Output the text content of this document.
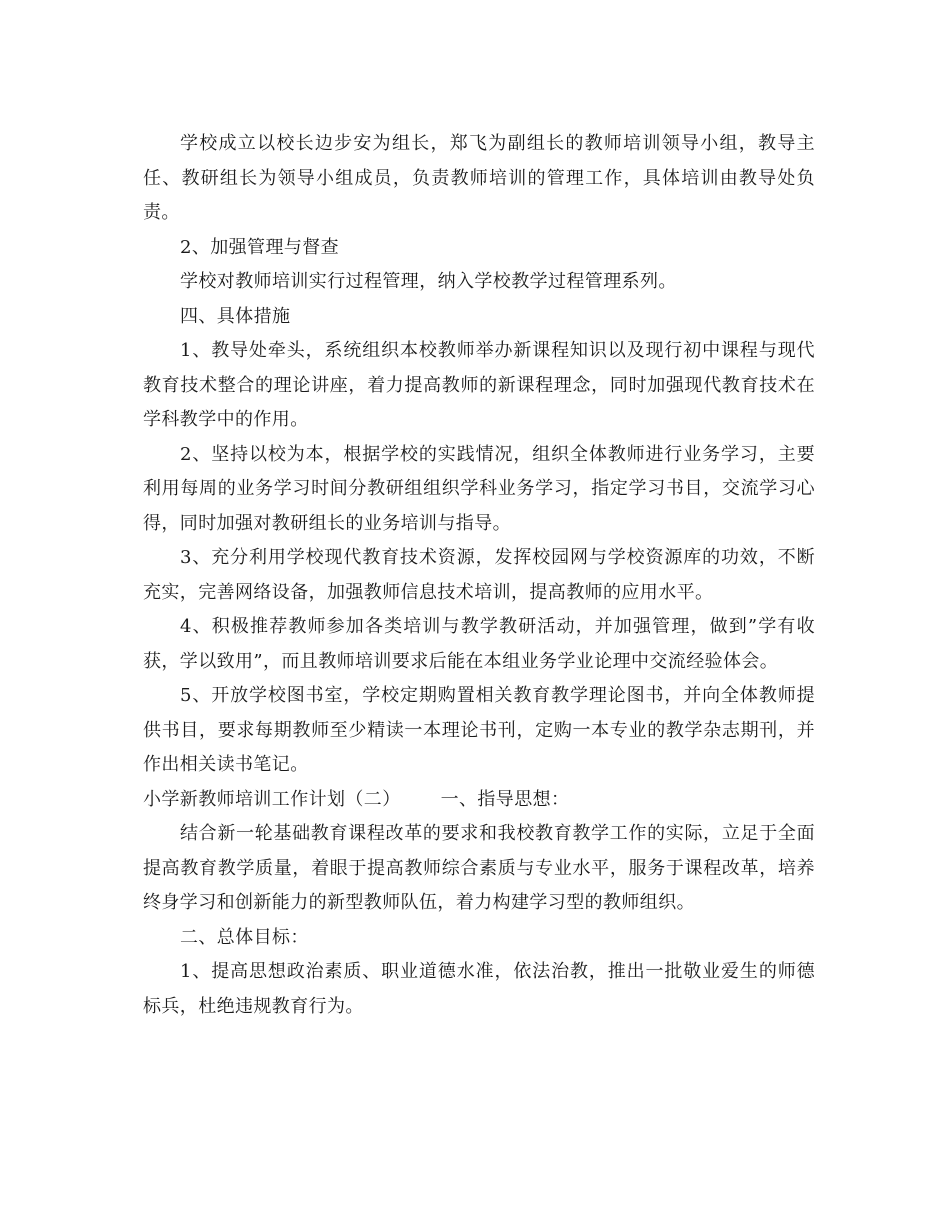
学校成立以校长边步安为组长，郑飞为副组长的教师培训领导小组，教导主任、教研组长为领导小组成员，负责教师培训的管理工作，具体培训由教导处负责。

2、加强管理与督查

学校对教师培训实行过程管理，纳入学校教学过程管理系列。

四、具体措施

1、教导处牵头，系统组织本校教师举办新课程知识以及现行初中课程与现代教育技术整合的理论讲座，着力提高教师的新课程理念，同时加强现代教育技术在学科教学中的作用。

2、坚持以校为本，根据学校的实践情况，组织全体教师进行业务学习，主要利用每周的业务学习时间分教研组组织学科业务学习，指定学习书目，交流学习心得，同时加强对教研组长的业务培训与指导。

3、充分利用学校现代教育技术资源，发挥校园网与学校资源库的功效，不断充实，完善网络设备，加强教师信息技术培训，提高教师的应用水平。

4、积极推荐教师参加各类培训与教学教研活动，并加强管理，做到”学有收获，学以致用”，而且教师培训要求后能在本组业务学业论理中交流经验体会。

5、开放学校图书室，学校定期购置相关教育教学理论图书，并向全体教师提供书目，要求每期教师至少精读一本理论书刊，定购一本专业的教学杂志期刊，并作出相关读书笔记。

小学新教师培训工作计划（二） 一、指导思想：

结合新一轮基础教育课程改革的要求和我校教育教学工作的实际，立足于全面提高教育教学质量，着眼于提高教师综合素质与专业水平，服务于课程改革，培养终身学习和创新能力的新型教师队伍，着力构建学习型的教师组织。

二、总体目标：

1、提高思想政治素质、职业道德水准，依法治教，推出一批敬业爱生的师德标兵，杜绝违规教育行为。
